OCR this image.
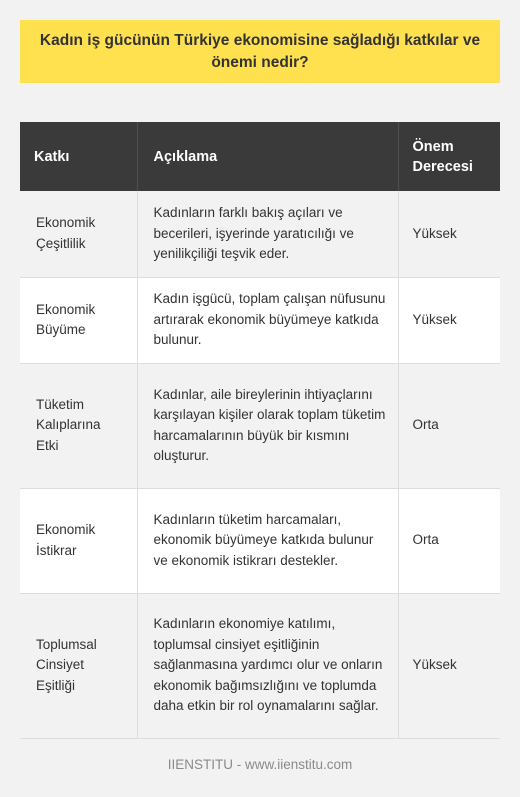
Kadın iş gücünün Türkiye ekonomisine sağladığı katkılar ve önemi nedir?
Katkı	Açıklama	Önem Derecesi
Ekonomik Çeşitlilik	Kadınların farklı bakış açıları ve becerileri, işyerinde yaratıcılığı ve yenilikçiliği teşvik eder.	Yüksek
Ekonomik Büyüme	Kadın işgücü, toplam çalışan nüfusunu artırarak ekonomik büyümeye katkıda bulunur.	Yüksek
Tüketim Kalıplarına Etki	Kadınlar, aile bireylerinin ihtiyaçlarını karşılayan kişiler olarak toplam tüketim harcamalarının büyük bir kısmını oluşturur.	Orta
Ekonomik İstikrar	Kadınların tüketim harcamaları, ekonomik büyümeye katkıda bulunur ve ekonomik istikrarı destekler.	Orta
Toplumsal Cinsiyet Eşitliği	Kadınların ekonomiye katılımı, toplumsal cinsiyet eşitliğinin sağlanmasına yardımcı olur ve onların ekonomik bağımsızlığını ve toplumda daha etkin bir rol oynamalarını sağlar.	Yüksek
IIENSTITU - www.iienstitu.com
